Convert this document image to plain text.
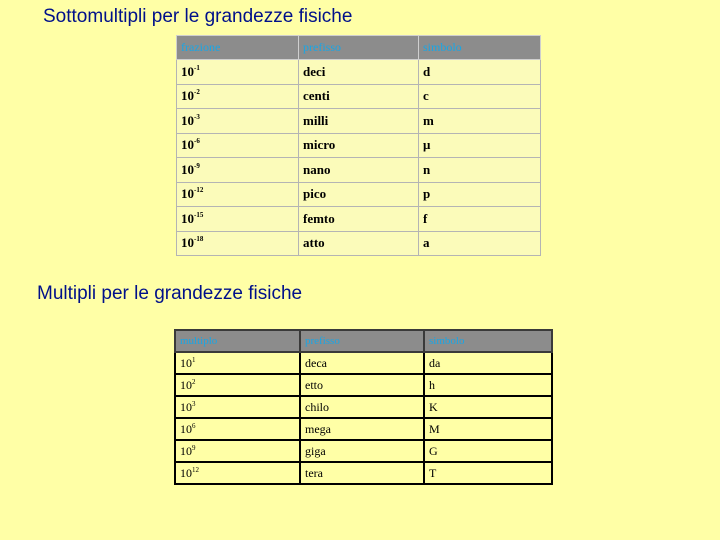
Sottomultipli per le grandezze fisiche
frazione	prefisso	simbolo
$10^{-1}$	deci	d
$10^{-2}$	centi	c
$10^{-3}$	milli	m
$10^{-6}$	micro	μ
$10^{-9}$	nano	n
$10^{-12}$	pico	p
$10^{-15}$	femto	f
$10^{-18}$	atto	a
Multipli per le grandezze fisiche
multiplo	prefisso	simbolo
$10^1$	deca	da
$10^2$	etto	h
$10^3$	chilo	K
$10^6$	mega	M
$10^9$	giga	G
$10^{12}$	tera	T
